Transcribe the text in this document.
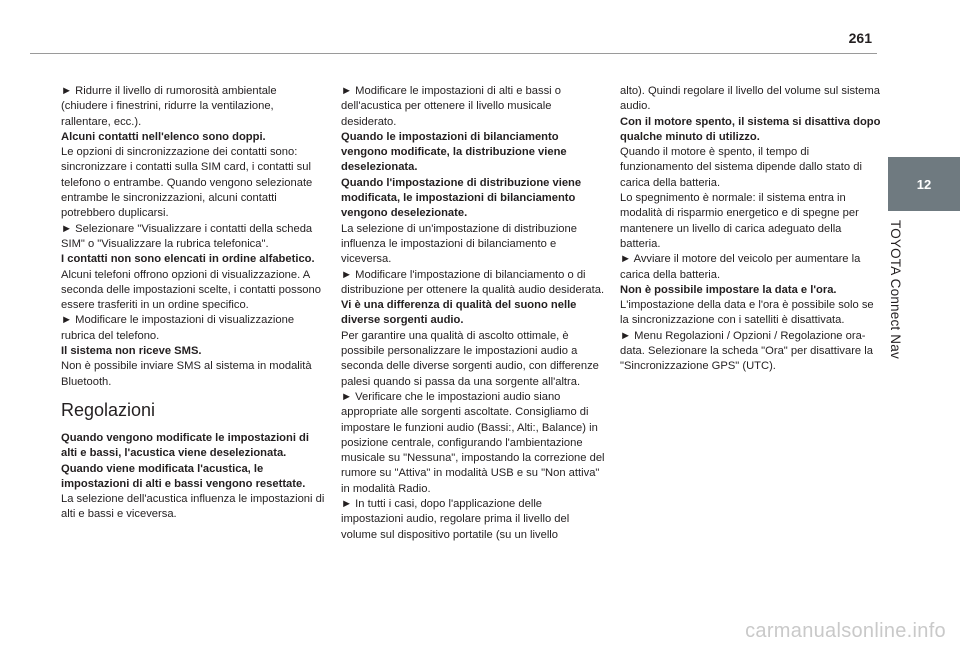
261
12
TOYOTA Connect Nav

► Ridurre il livello di rumorosità ambientale (chiudere i finestrini, ridurre la ventilazione, rallentare, ecc.).

Alcuni contatti nell'elenco sono doppi.

Le opzioni di sincronizzazione dei contatti sono: sincronizzare i contatti sulla SIM card, i contatti sul telefono o entrambe. Quando vengono selezionate entrambe le sincronizzazioni, alcuni contatti potrebbero duplicarsi.

► Selezionare "Visualizzare i contatti della scheda SIM" o "Visualizzare la rubrica telefonica".

I contatti non sono elencati in ordine alfabetico.

Alcuni telefoni offrono opzioni di visualizzazione. A seconda delle impostazioni scelte, i contatti possono essere trasferiti in un ordine specifico.

► Modificare le impostazioni di visualizzazione rubrica del telefono.

Il sistema non riceve SMS.

Non è possibile inviare SMS al sistema in modalità Bluetooth.

Regolazioni

Quando vengono modificate le impostazioni di alti e bassi, l'acustica viene deselezionata.

Quando viene modificata l'acustica, le impostazioni di alti e bassi vengono resettate.

La selezione dell'acustica influenza le impostazioni di alti e bassi e viceversa.

► Modificare le impostazioni di alti e bassi o dell'acustica per ottenere il livello musicale desiderato.

Quando le impostazioni di bilanciamento vengono modificate, la distribuzione viene deselezionata.

Quando l'impostazione di distribuzione viene modificata, le impostazioni di bilanciamento vengono deselezionate.

La selezione di un'impostazione di distribuzione influenza le impostazioni di bilanciamento e viceversa.

► Modificare l'impostazione di bilanciamento o di distribuzione per ottenere la qualità audio desiderata.

Vi è una differenza di qualità del suono nelle diverse sorgenti audio.

Per garantire una qualità di ascolto ottimale, è possibile personalizzare le impostazioni audio a seconda delle diverse sorgenti audio, con differenze palesi quando si passa da una sorgente all'altra.

► Verificare che le impostazioni audio siano appropriate alle sorgenti ascoltate. Consigliamo di impostare le funzioni audio (Bassi:, Alti:, Balance) in posizione centrale, configurando l'ambientazione musicale su "Nessuna", impostando la correzione del rumore su "Attiva" in modalità USB e su "Non attiva" in modalità Radio.

► In tutti i casi, dopo l'applicazione delle impostazioni audio, regolare prima il livello del volume sul dispositivo portatile (su un livello

alto). Quindi regolare il livello del volume sul sistema audio.

Con il motore spento, il sistema si disattiva dopo qualche minuto di utilizzo.

Quando il motore è spento, il tempo di funzionamento del sistema dipende dallo stato di carica della batteria.

Lo spegnimento è normale: il sistema entra in modalità di risparmio energetico e di spegne per mantenere un livello di carica adeguato della batteria.

► Avviare il motore del veicolo per aumentare la carica della batteria.

Non è possibile impostare la data e l'ora.

L'impostazione della data e l'ora è possibile solo se la sincronizzazione con i satelliti è disattivata.

► Menu Regolazioni / Opzioni / Regolazione ora-data. Selezionare la scheda "Ora" per disattivare la "Sincronizzazione GPS" (UTC).

carmanualsonline.info
